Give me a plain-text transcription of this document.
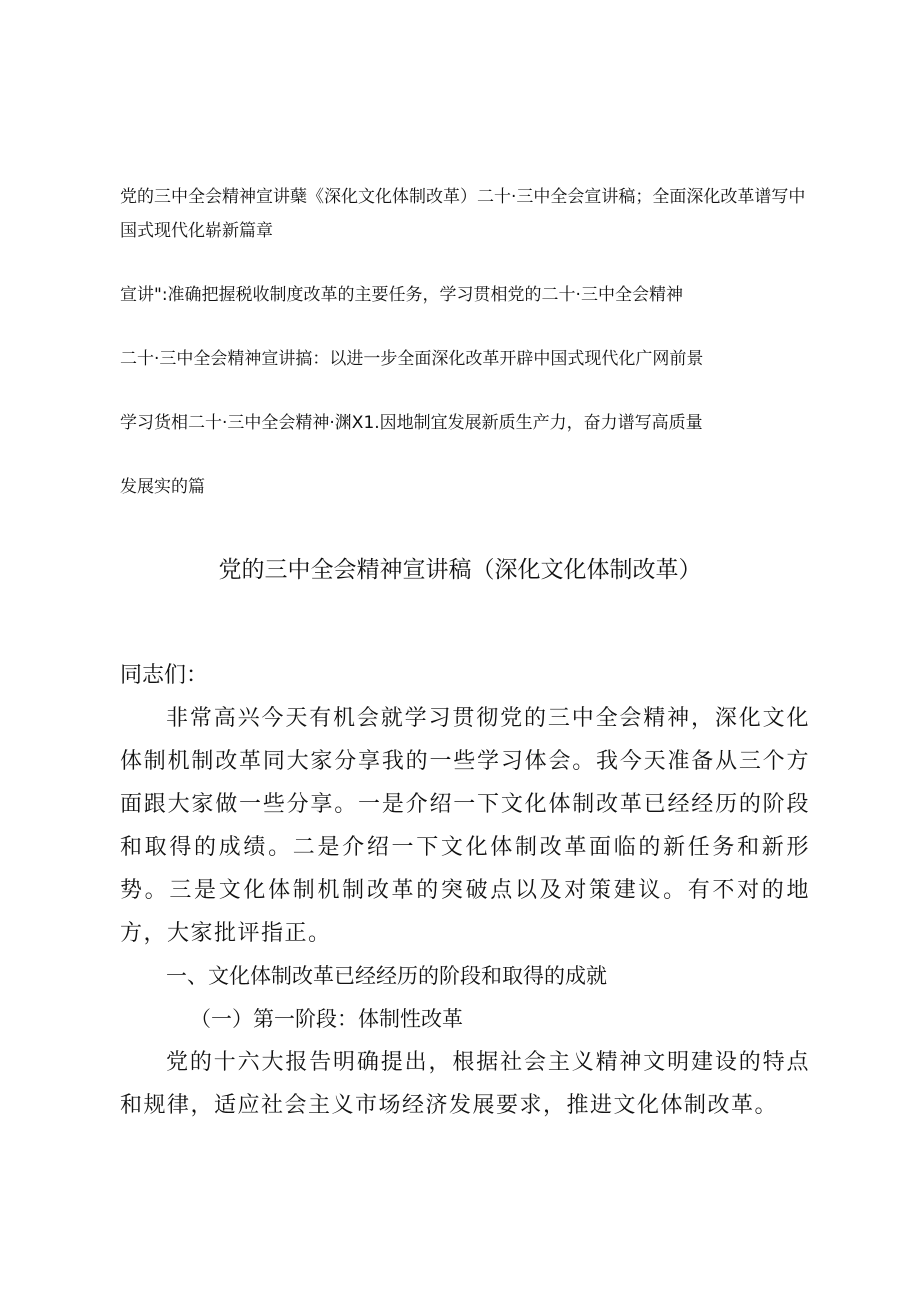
党的三中全会精神宣讲蘖《深化文化体制改革）二十·三中全会宣讲稿；全面深化改革谱写中国式现代化崭新篇章
宣讲":准确把握税收制度改革的主要任务，学习贯相党的二十·三中全会精神
二十·三中全会精神宣讲搞：以进一步全面深化改革开辟中国式现代化广网前景
学习货相二十·三中全会精神·渊X1.因地制宜发展新质生产力，奋力谱写高质量
发展实的篇
党的三中全会精神宣讲稿（深化文化体制改革）

同志们：

非常高兴今天有机会就学习贯彻党的三中全会精神，深化文化体制机制改革同大家分享我的一些学习体会。我今天准备从三个方面跟大家做一些分享。一是介绍一下文化体制改革已经经历的阶段和取得的成绩。二是介绍一下文化体制改革面临的新任务和新形势。三是文化体制机制改革的突破点以及对策建议。有不对的地方，大家批评指正。

一、文化体制改革已经经历的阶段和取得的成就

（一）第一阶段：体制性改革

党的十六大报告明确提出，根据社会主义精神文明建设的特点和规律，适应社会主义市场经济发展要求，推进文化体制改革。
